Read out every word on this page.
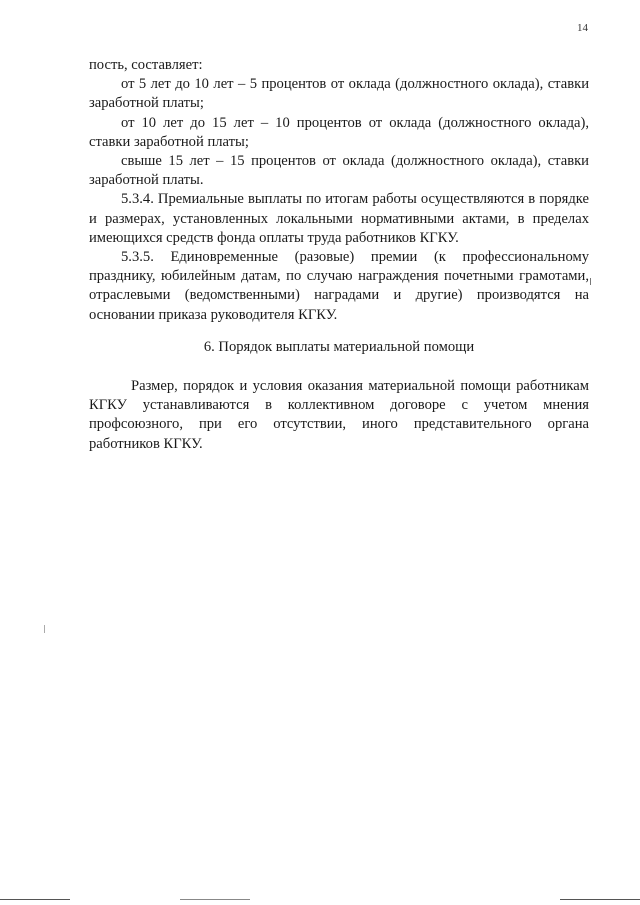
14

пость, составляет:

от 5 лет до 10 лет – 5 процентов от оклада (должностного оклада), ставки заработной платы;

от 10 лет до 15 лет – 10 процентов от оклада (должностного оклада), ставки заработной платы;

свыше 15 лет – 15 процентов от оклада (должностного оклада), ставки заработной платы.

5.3.4. Премиальные выплаты по итогам работы осуществляются в порядке и размерах, установленных локальными нормативными актами, в пределах имеющихся средств фонда оплаты труда работников КГКУ.

5.3.5. Единовременные (разовые) премии (к профессиональному празднику, юбилейным датам, по случаю награждения почетными грамотами, отраслевыми (ведомственными) наградами и другие) производятся на основании приказа руководителя КГКУ.

6. Порядок выплаты материальной помощи

Размер, порядок и условия оказания материальной помощи работникам КГКУ устанавливаются в коллективном договоре с учетом мнения профсоюзного, при его отсутствии, иного представительного органа работников КГКУ.
